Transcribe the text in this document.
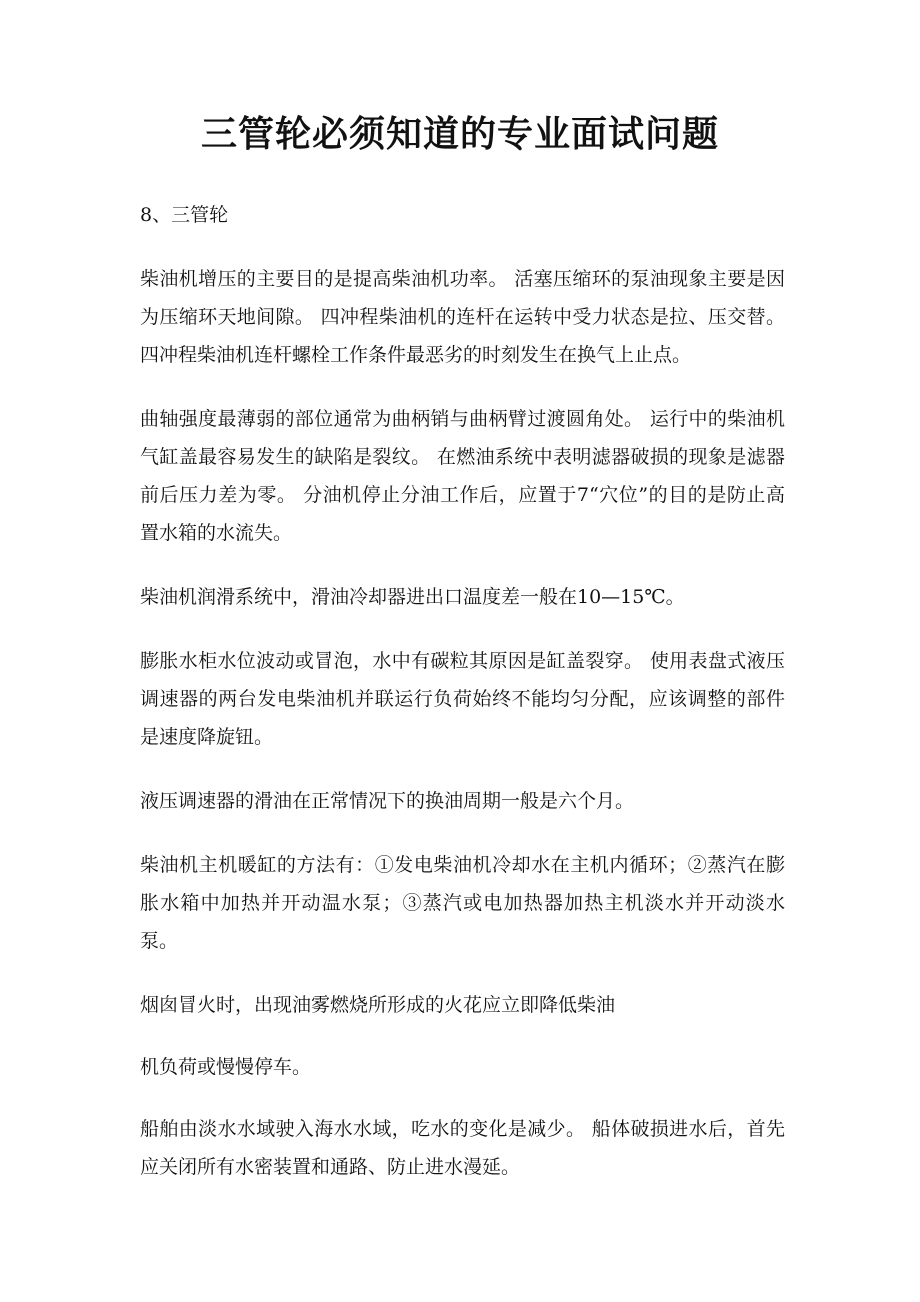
三管轮必须知道的专业面试问题

8、三管轮

柴油机增压的主要目的是提高柴油机功率。 活塞压缩环的泵油现象主要是因为压缩环天地间隙。 四冲程柴油机的连杆在运转中受力状态是拉、压交替。 四冲程柴油机连杆螺栓工作条件最恶劣的时刻发生在换气上止点。

曲轴强度最薄弱的部位通常为曲柄销与曲柄臂过渡圆角处。 运行中的柴油机气缸盖最容易发生的缺陷是裂纹。 在燃油系统中表明滤器破损的现象是滤器前后压力差为零。 分油机停止分油工作后，应置于7“穴位”的目的是防止高置水箱的水流失。

柴油机润滑系统中，滑油冷却器进出口温度差一般在10—15℃。

膨胀水柜水位波动或冒泡，水中有碳粒其原因是缸盖裂穿。 使用表盘式液压调速器的两台发电柴油机并联运行负荷始终不能均匀分配，应该调整的部件是速度降旋钮。

液压调速器的滑油在正常情况下的换油周期一般是六个月。

柴油机主机暖缸的方法有：①发电柴油机冷却水在主机内循环；②蒸汽在膨胀水箱中加热并开动温水泵；③蒸汽或电加热器加热主机淡水并开动淡水泵。

烟囱冒火时，出现油雾燃烧所形成的火花应立即降低柴油

机负荷或慢慢停车。

船舶由淡水水域驶入海水水域，吃水的变化是减少。 船体破损进水后，首先应关闭所有水密装置和通路、防止进水漫延。
